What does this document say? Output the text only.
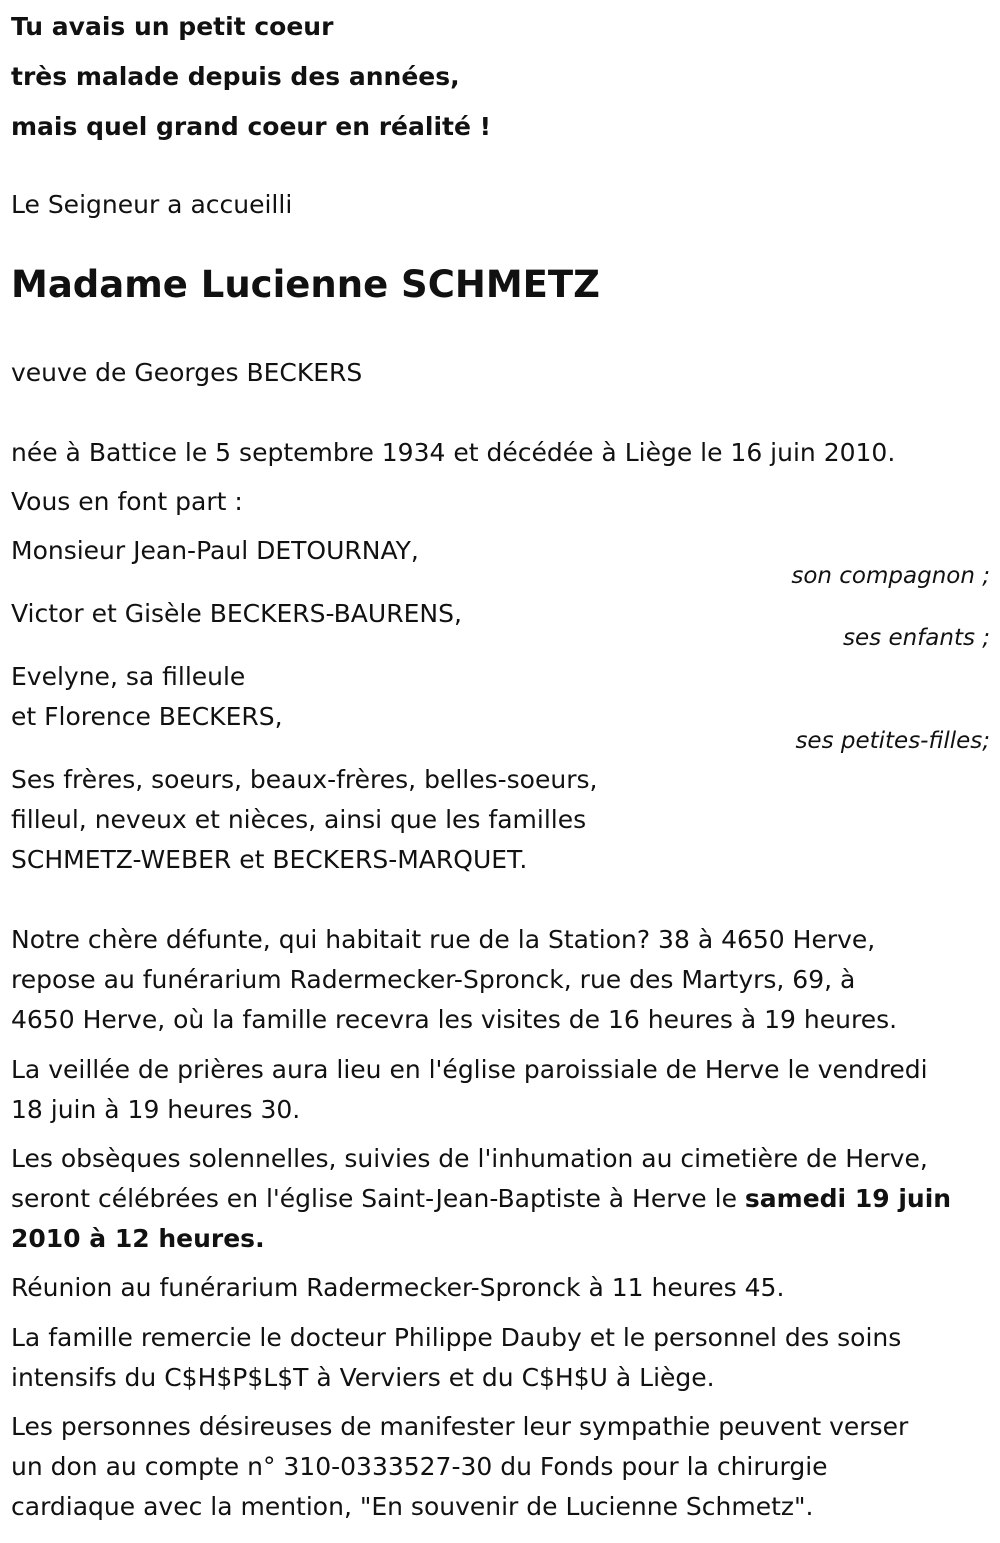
Tu avais un petit coeur
très malade depuis des années,
mais quel grand coeur en réalité !
Le Seigneur a accueilli
Madame Lucienne SCHMETZ
veuve de Georges BECKERS
née à Battice le 5 septembre 1934 et décédée à Liège le 16 juin 2010.
Vous en font part :
Monsieur Jean-Paul DETOURNAY,
son compagnon ;
Victor et Gisèle BECKERS-BAURENS,
ses enfants ;
Evelyne, sa filleule
et Florence BECKERS,
ses petites-filles;
Ses frères, soeurs, beaux-frères, belles-soeurs,
filleul, neveux et nièces, ainsi que les familles
SCHMETZ-WEBER et BECKERS-MARQUET.
Notre chère défunte, qui habitait rue de la Station? 38 à 4650 Herve,
repose au funérarium Radermecker-Spronck, rue des Martyrs, 69, à
4650 Herve, où la famille recevra les visites de 16 heures à 19 heures.
La veillée de prières aura lieu en l'église paroissiale de Herve le vendredi
18 juin à 19 heures 30.
Les obsèques solennelles, suivies de l'inhumation au cimetière de Herve,
seront célébrées en l'église Saint-Jean-Baptiste à Herve le samedi 19 juin
2010 à 12 heures.
Réunion au funérarium Radermecker-Spronck à 11 heures 45.
La famille remercie le docteur Philippe Dauby et le personnel des soins
intensifs du C$H$P$L$T à Verviers et du C$H$U à Liège.
Les personnes désireuses de manifester leur sympathie peuvent verser
un don au compte n° 310-0333527-30 du Fonds pour la chirurgie
cardiaque avec la mention, "En souvenir de Lucienne Schmetz".
